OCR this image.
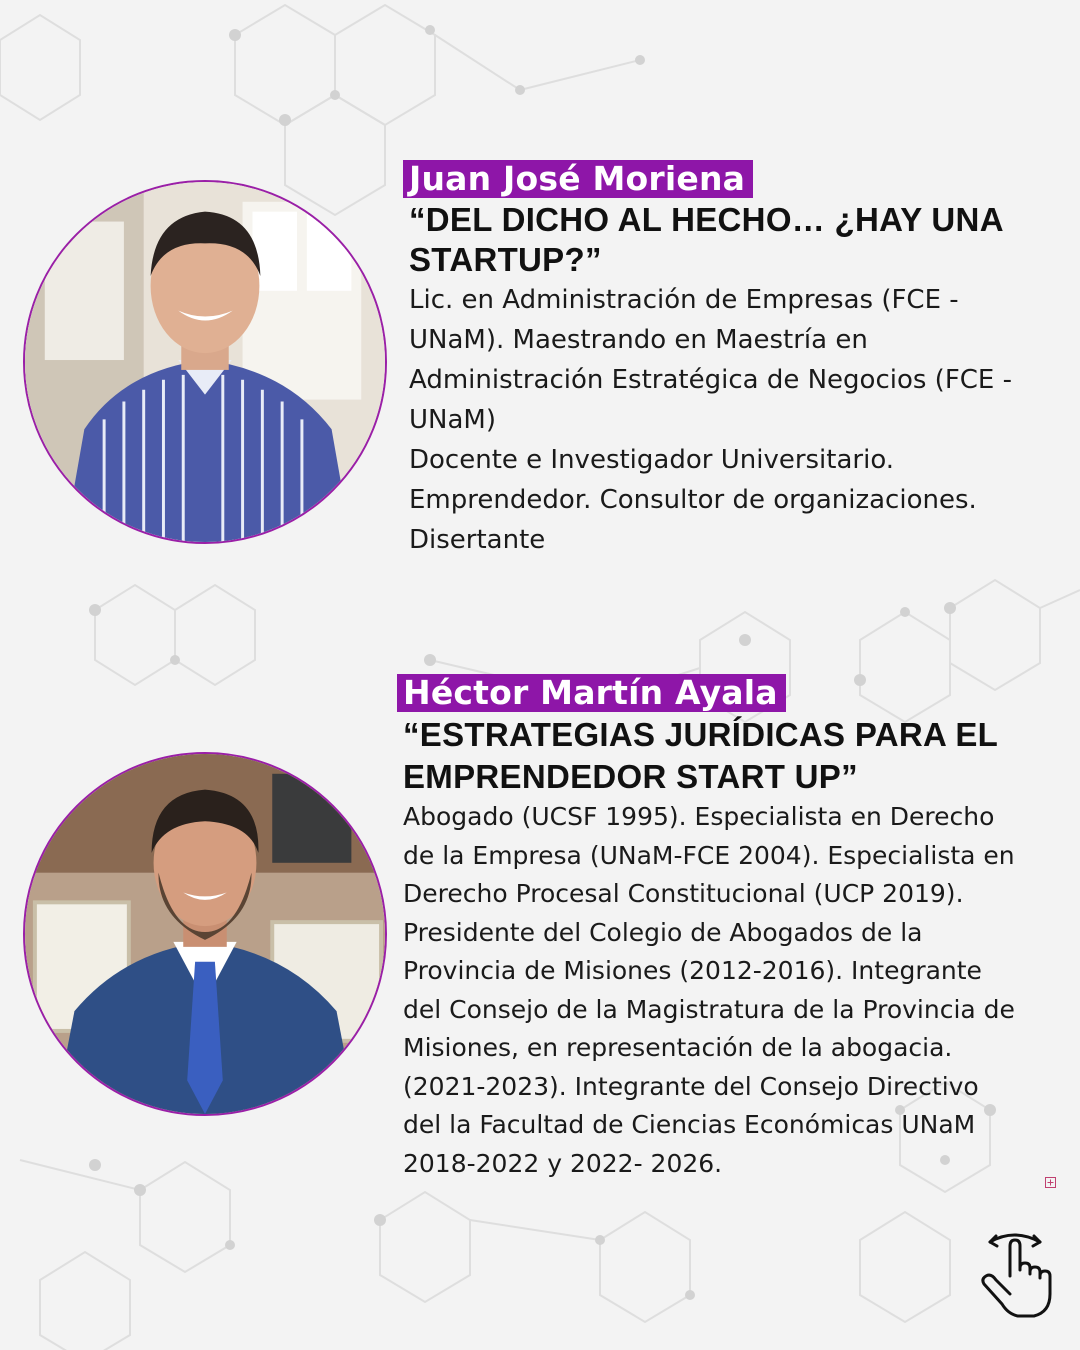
Juan José Moriena
“DEL DICHO AL HECHO… ¿HAY UNA
STARTUP?”
Lic. en Administración de Empresas (FCE -
UNaM). Maestrando en Maestría en
Administración Estratégica de Negocios (FCE -
UNaM)
Docente e Investigador Universitario.
Emprendedor. Consultor de organizaciones.
Disertante
Héctor Martín Ayala
“ESTRATEGIAS JURÍDICAS PARA EL
EMPRENDEDOR START UP”
Abogado (UCSF 1995). Especialista en Derecho
de la Empresa (UNaM-FCE 2004). Especialista en
Derecho Procesal Constitucional (UCP 2019).
Presidente del Colegio de Abogados de la
Provincia de Misiones (2012-2016). Integrante
del Consejo de la Magistratura de la Provincia de
Misiones, en representación de la abogacia.
(2021-2023). Integrante del Consejo Directivo
del la Facultad de Ciencias Económicas UNaM
2018-2022 y 2022- 2026.
